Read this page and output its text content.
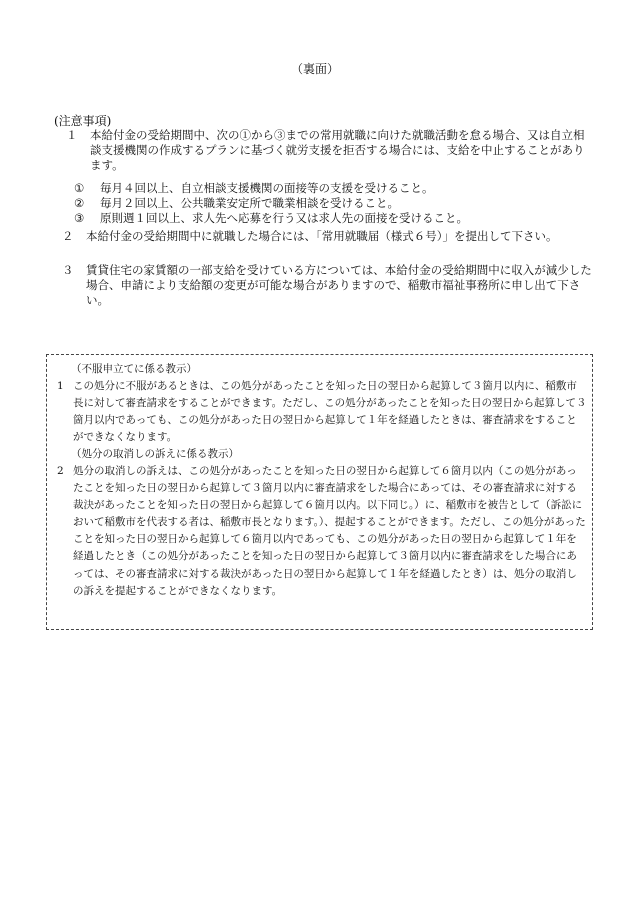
（裏面）
(注意事項)
１ 本給付金の受給期間中、次の①から③までの常用就職に向けた就職活動を怠る場合、又は自立相談支援機関の作成するプランに基づく就労支援を拒否する場合には、支給を中止することがあります。
① 毎月４回以上、自立相談支援機関の面接等の支援を受けること。
② 毎月２回以上、公共職業安定所で職業相談を受けること。
③ 原則週１回以上、求人先へ応募を行う又は求人先の面接を受けること。
２ 本給付金の受給期間中に就職した場合には、「常用就職届（様式６号）」を提出して下さい。
３ 賃貸住宅の家賃額の一部支給を受けている方については、本給付金の受給期間中に収入が減少した場合、申請により支給額の変更が可能な場合がありますので、稲敷市福祉事務所に申し出て下さい。
（不服申立てに係る教示）
1 この処分に不服があるときは、この処分があったことを知った日の翌日から起算して３箇月以内に、稲敷市長に対して審査請求をすることができます。ただし、この処分があったことを知った日の翌日から起算して３箇月以内であっても、この処分があった日の翌日から起算して１年を経過したときは、審査請求をすることができなくなります。
（処分の取消しの訴えに係る教示）
2 処分の取消しの訴えは、この処分があったことを知った日の翌日から起算して６箇月以内（この処分があったことを知った日の翌日から起算して３箇月以内に審査請求をした場合にあっては、その審査請求に対する裁決があったことを知った日の翌日から起算して６箇月以内。以下同じ。）に、稲敷市を被告として（訴訟において稲敷市を代表する者は、稲敷市長となります。）、提起することができます。ただし、この処分があったことを知った日の翌日から起算して６箇月以内であっても、この処分があった日の翌日から起算して１年を経過したとき（この処分があったことを知った日の翌日から起算して３箇月以内に審査請求をした場合にあっては、その審査請求に対する裁決があった日の翌日から起算して１年を経過したとき）は、処分の取消しの訴えを提起することができなくなります。
